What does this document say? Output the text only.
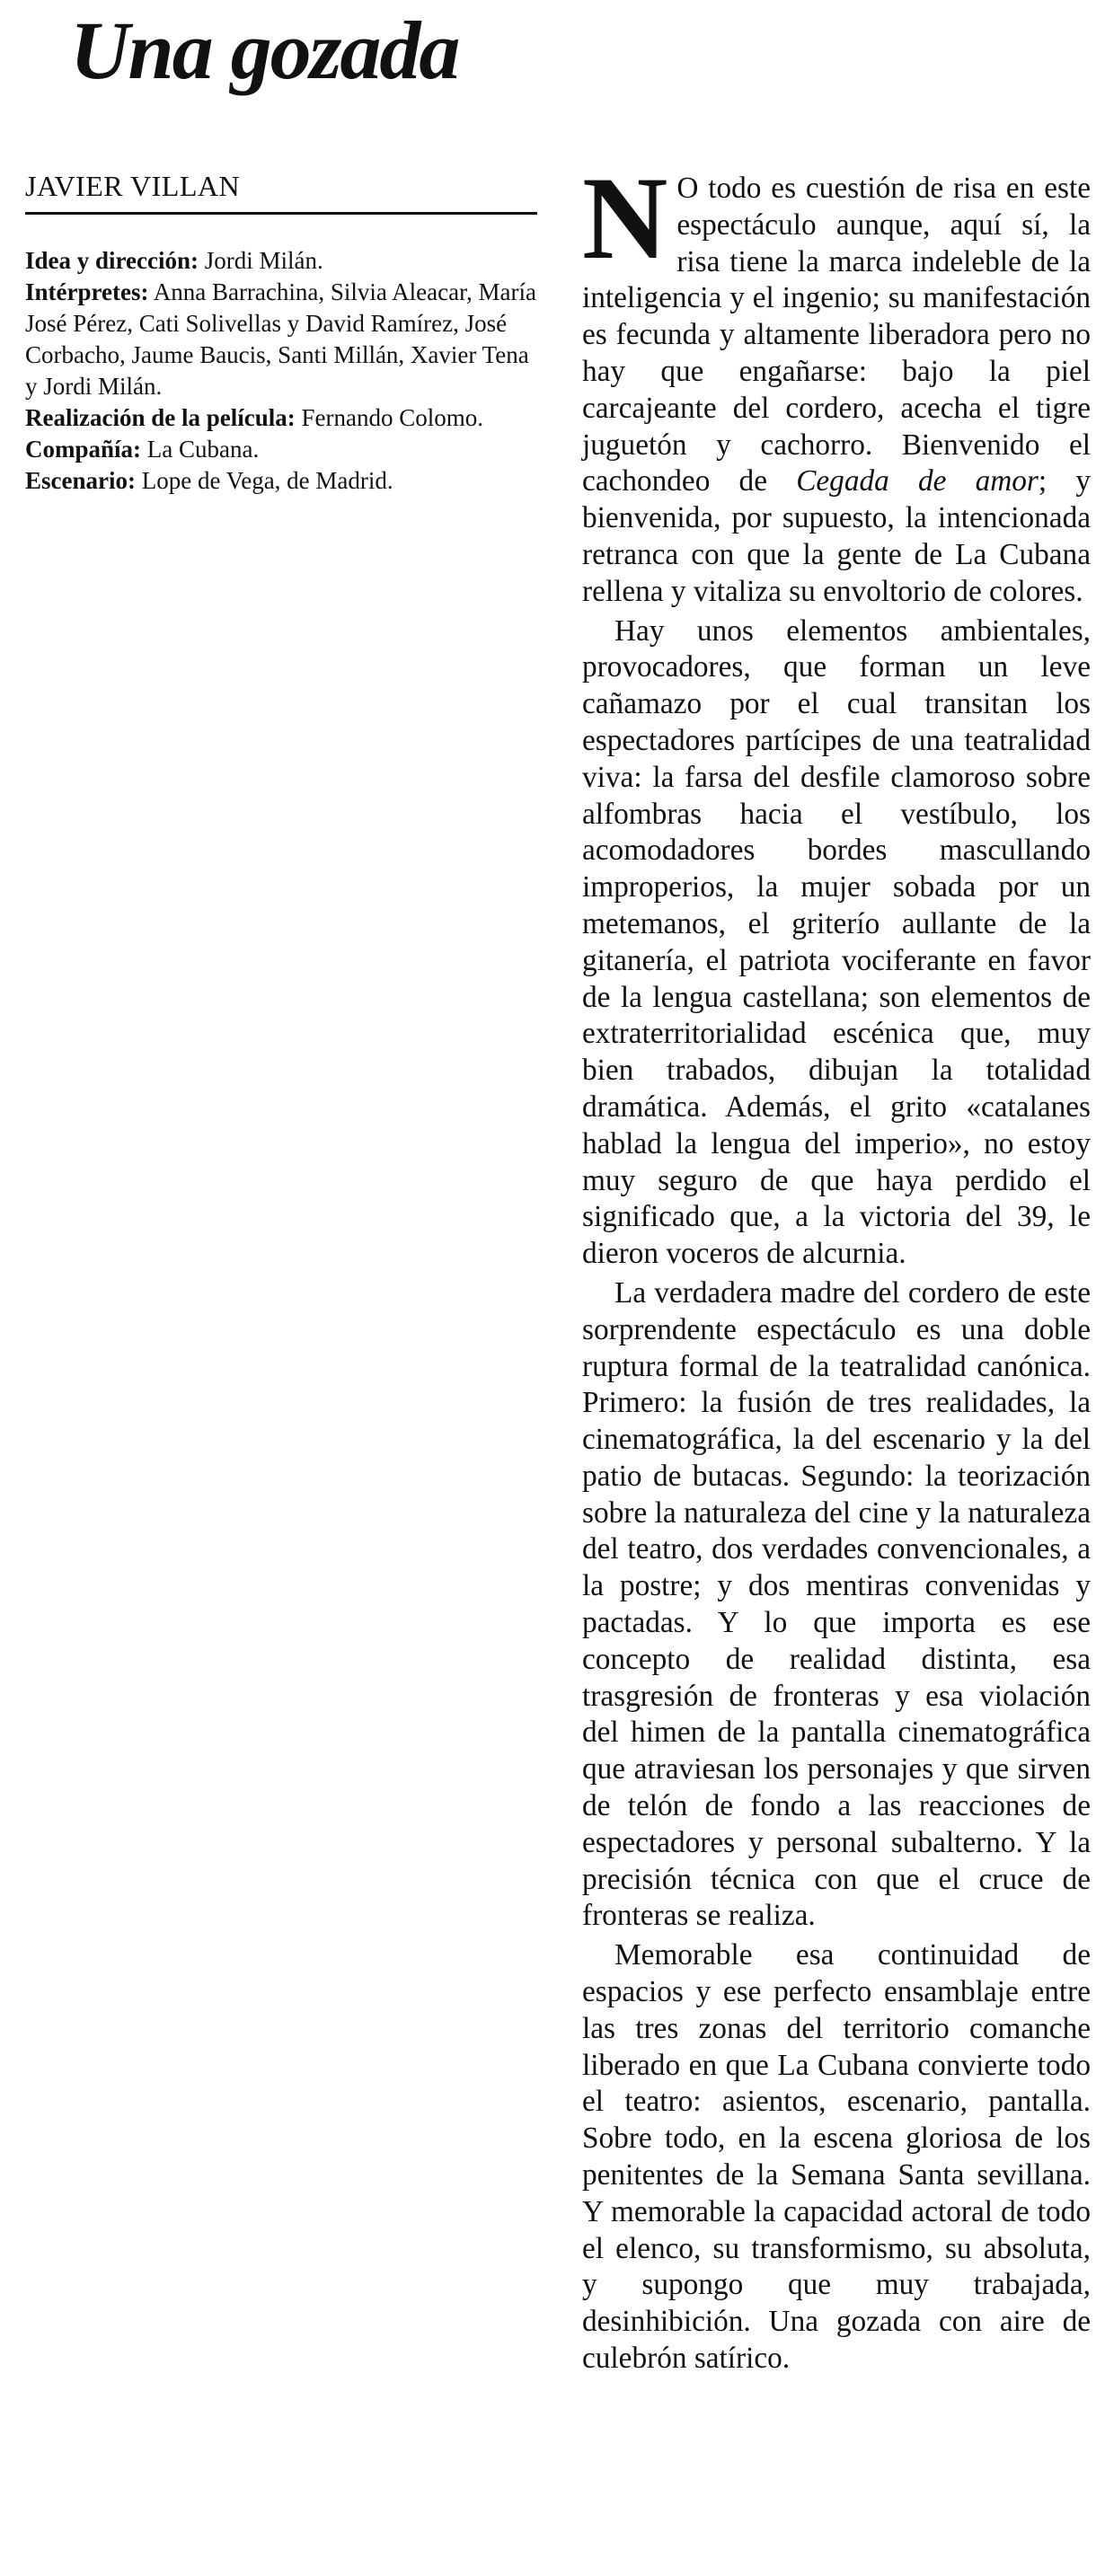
Una gozada
JAVIER VILLAN
Idea y dirección: Jordi Milán.
Intérpretes: Anna Barrachina, Silvia Aleacar, María José Pérez, Cati Solivellas y David Ramírez, José Corbacho, Jaume Baucis, Santi Millán, Xavier Tena y Jordi Milán.
Realización de la película: Fernando Colomo.
Compañía: La Cubana.
Escenario: Lope de Vega, de Madrid.

N O todo es cuestión de risa en este espectáculo aunque, aquí sí, la risa tiene la marca indeleble de la inteligencia y el ingenio; su manifestación es fecunda y altamente liberadora pero no hay que engañarse: bajo la piel carcajeante del cordero, acecha el tigre juguetón y cachorro. Bienvenido el cachondeo de Cegada de amor; y bienvenida, por supuesto, la intencionada retranca con que la gente de La Cubana rellena y vitaliza su envoltorio de colores.

Hay unos elementos ambientales, provocadores, que forman un leve cañamazo por el cual transitan los espectadores partícipes de una teatralidad viva: la farsa del desfile clamoroso sobre alfombras hacia el vestíbulo, los acomodadores bordes mascullando improperios, la mujer sobada por un metemanos, el griterío aullante de la gitanería, el patriota vociferante en favor de la lengua castellana; son elementos de extraterritorialidad escénica que, muy bien trabados, dibujan la totalidad dramática. Además, el grito «catalanes hablad la lengua del imperio», no estoy muy seguro de que haya perdido el significado que, a la victoria del 39, le dieron voceros de alcurnia.

La verdadera madre del cordero de este sorprendente espectáculo es una doble ruptura formal de la teatralidad canónica. Primero: la fusión de tres realidades, la cinematográfica, la del escenario y la del patio de butacas. Segundo: la teorización sobre la naturaleza del cine y la naturaleza del teatro, dos verdades convencionales, a la postre; y dos mentiras convenidas y pactadas. Y lo que importa es ese concepto de realidad distinta, esa trasgresión de fronteras y esa violación del himen de la pantalla cinematográfica que atraviesan los personajes y que sirven de telón de fondo a las reacciones de espectadores y personal subalterno. Y la precisión técnica con que el cruce de fronteras se realiza.

Memorable esa continuidad de espacios y ese perfecto ensamblaje entre las tres zonas del territorio comanche liberado en que La Cubana convierte todo el teatro: asientos, escenario, pantalla. Sobre todo, en la escena gloriosa de los penitentes de la Semana Santa sevillana. Y memorable la capacidad actoral de todo el elenco, su transformismo, su absoluta, y supongo que muy trabajada, desinhibición. Una gozada con aire de culebrón satírico.
